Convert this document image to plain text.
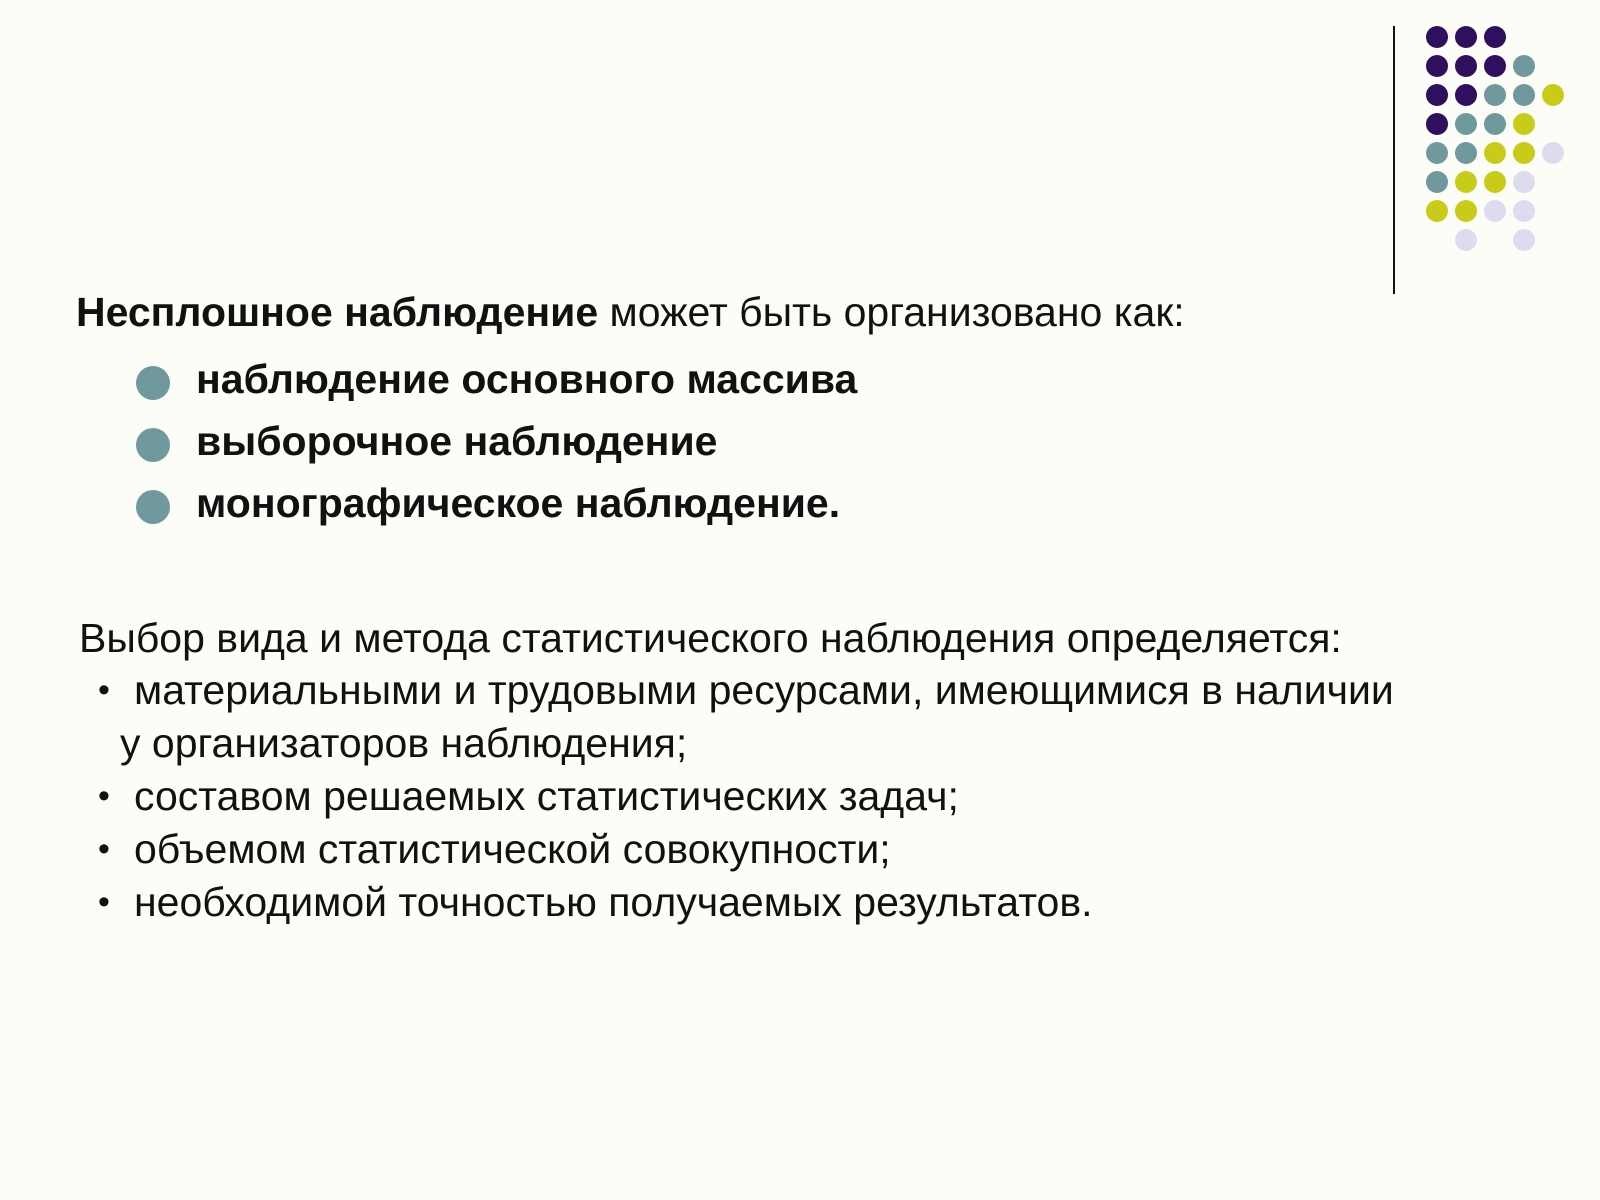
Несплошное наблюдение может быть организовано как:
наблюдение основного массива
выборочное наблюдение
монографическое наблюдение.
Выбор вида и метода статистического наблюдения определяется:
• материальными и трудовыми ресурсами, имеющимися в наличии
у организаторов наблюдения;
• составом решаемых статистических задач;
• объемом статистической совокупности;
• необходимой точностью получаемых результатов.
